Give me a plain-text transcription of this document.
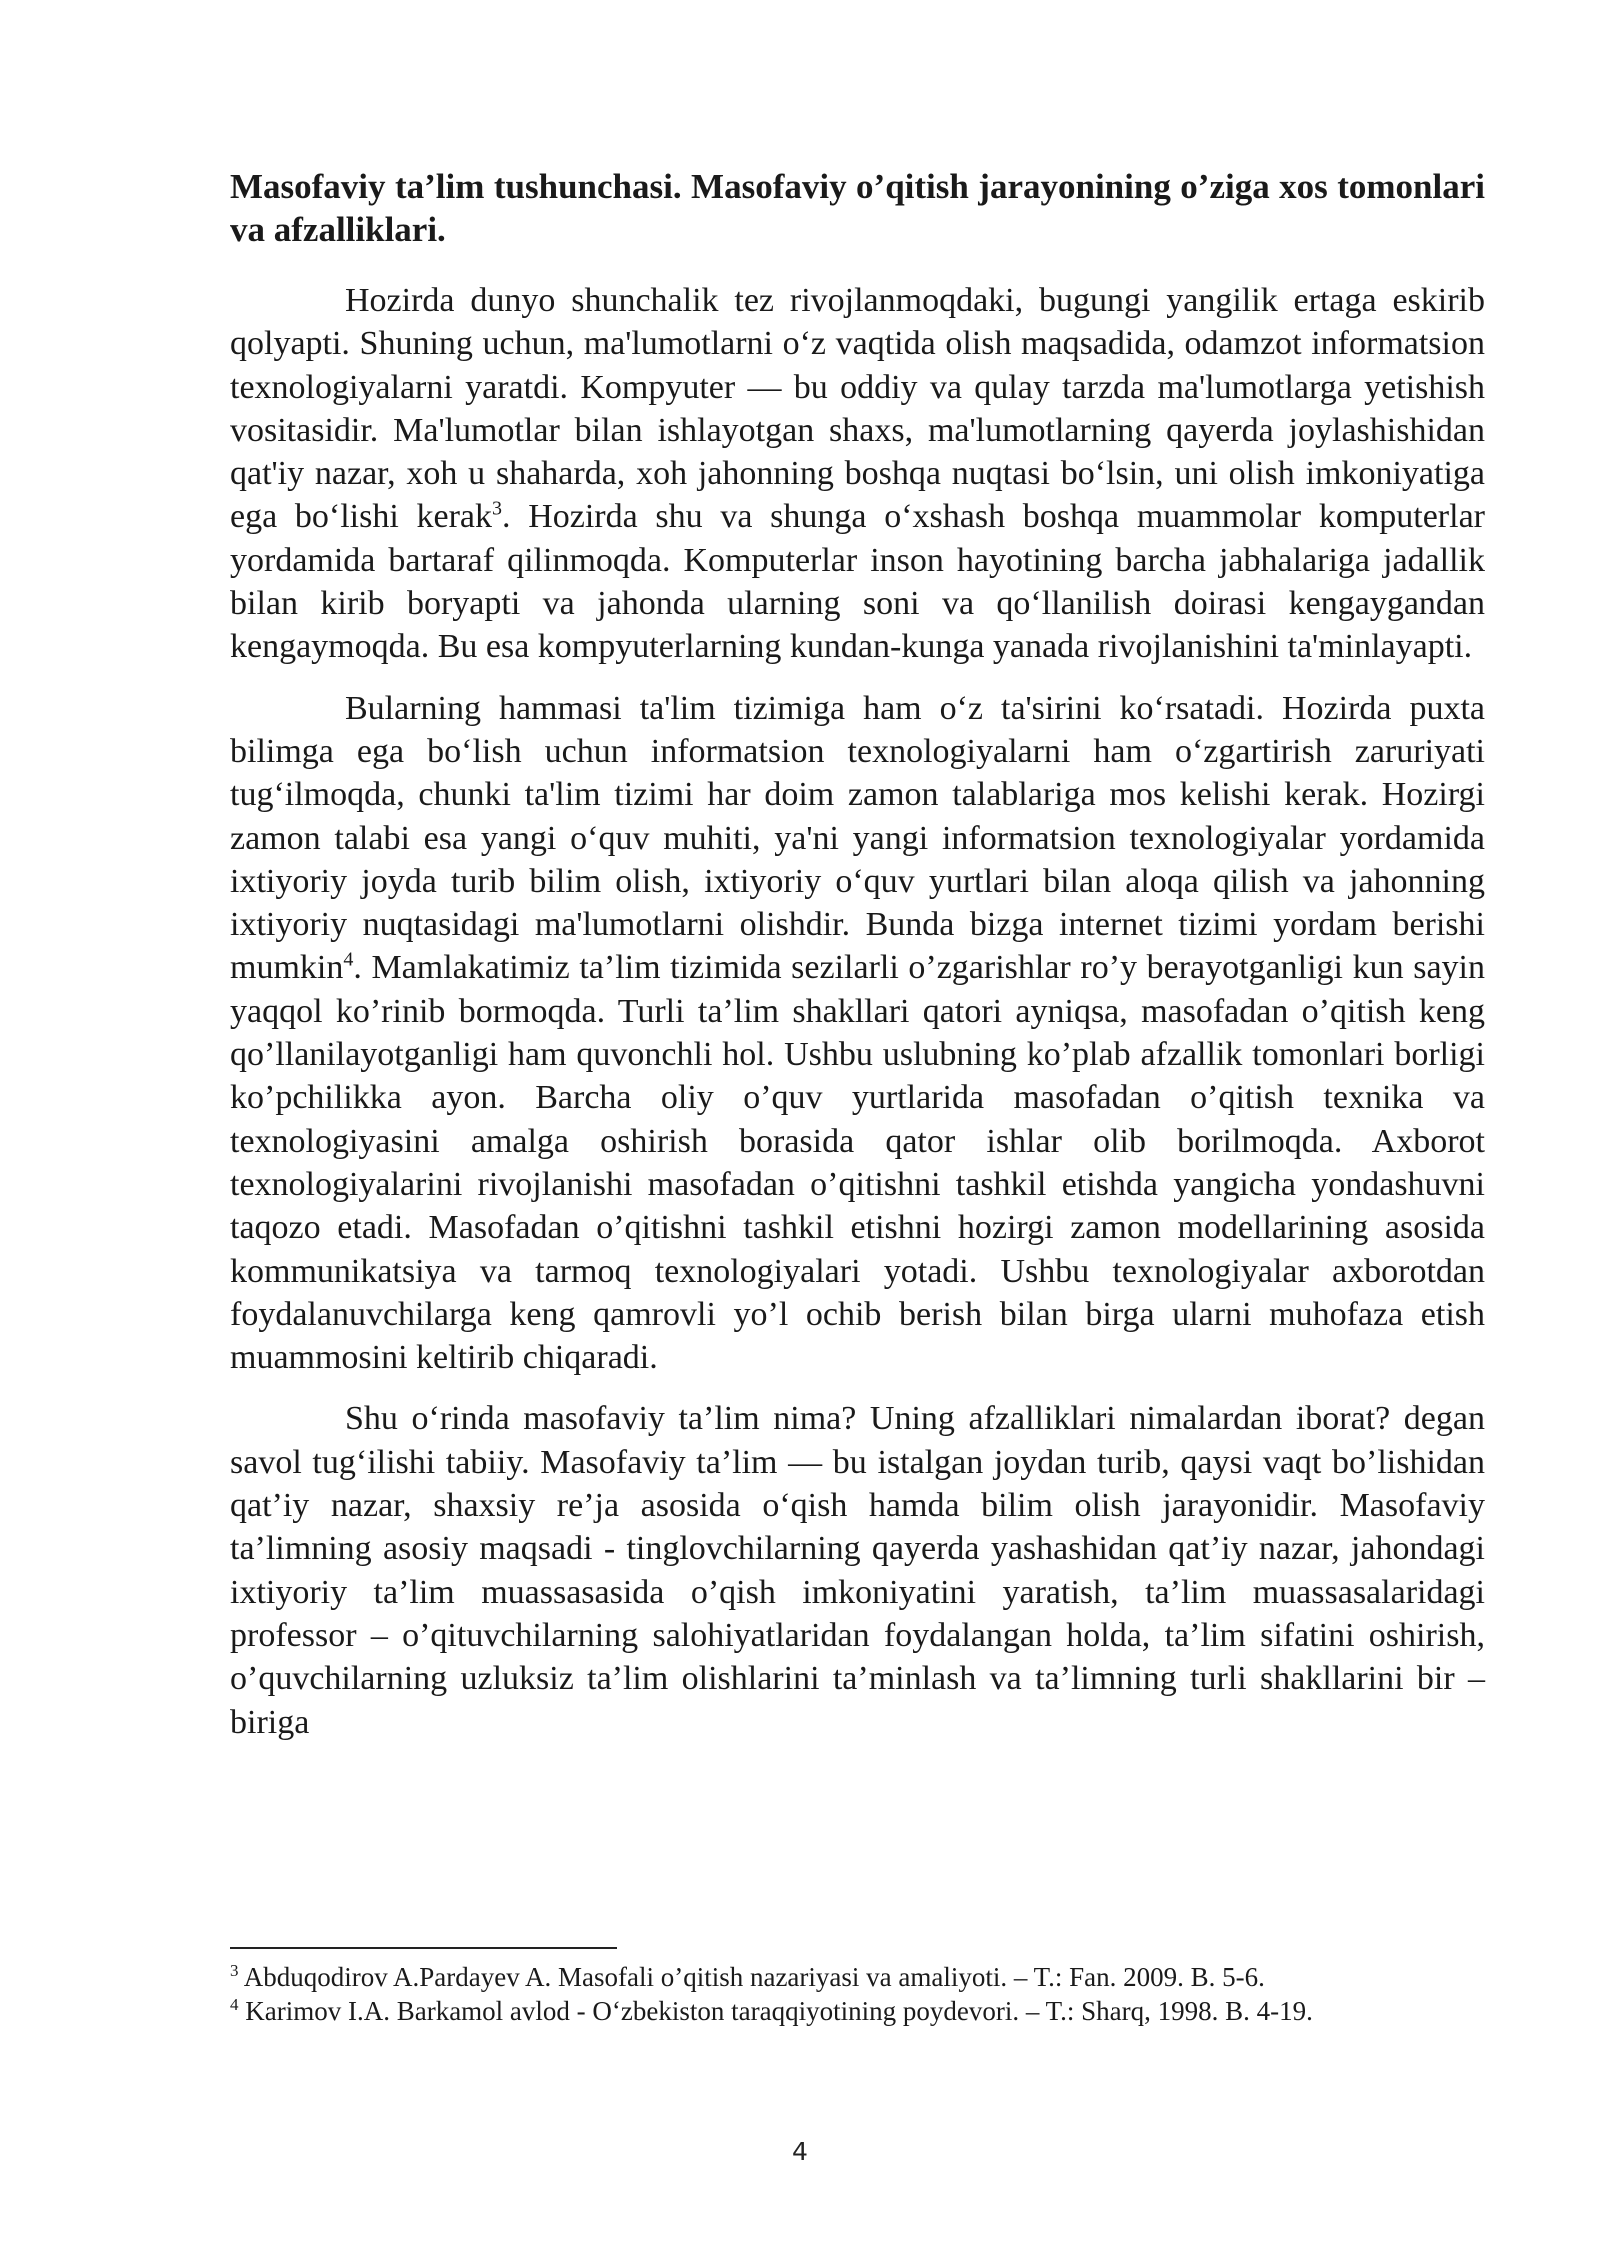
Masofaviy ta’lim tushunchasi. Masofaviy o’qitish jarayonining o’ziga xos tomonlari va afzalliklari.

Hozirda dunyo shunchalik tez rivojlanmoqdaki, bugungi yangilik ertaga eskirib qolyapti. Shuning uchun, ma'lumotlarni o‘z vaqtida olish maqsadida, odamzot informatsion texnologiyalarni yaratdi. Kompyuter — bu oddiy va qulay tarzda ma'lumotlarga yetishish vositasidir. Ma'lumotlar bilan ishlayotgan shaxs, ma'lumotlarning qayerda joylashishidan qat'iy nazar, xoh u shaharda, xoh jahonning boshqa nuqtasi bo‘lsin, uni olish imkoniyatiga ega bo‘lishi kerak$^3$. Hozirda shu va shunga o‘xshash boshqa muammolar komputerlar yordamida bartaraf qilinmoqda. Komputerlar inson hayotining barcha jabhalariga jadallik bilan kirib boryapti va jahonda ularning soni va qo‘llanilish doirasi kengaygandan kengaymoqda. Bu esa kompyuterlarning kundan-kunga yanada rivojlanishini ta'minlayapti.

Bularning hammasi ta'lim tizimiga ham o‘z ta'sirini ko‘rsatadi. Hozirda puxta bilimga ega bo‘lish uchun informatsion texnologiyalarni ham o‘zgartirish zaruriyati tug‘ilmoqda, chunki ta'lim tizimi har doim zamon talablariga mos kelishi kerak. Hozirgi zamon talabi esa yangi o‘quv muhiti, ya'ni yangi informatsion texnologiyalar yordamida ixtiyoriy joyda turib bilim olish, ixtiyoriy o‘quv yurtlari bilan aloqa qilish va jahonning ixtiyoriy nuqtasidagi ma'lumotlarni olishdir. Bunda bizga internet tizimi yordam berishi mumkin$^4$. Mamlakatimiz ta’lim tizimida sezilarli o’zgarishlar ro’y berayotganligi kun sayin yaqqol ko’rinib bormoqda. Turli ta’lim shakllari qatori ayniqsa, masofadan o’qitish keng qo’llanilayotganligi ham quvonchli hol. Ushbu uslubning ko’plab afzallik tomonlari borligi ko’pchilikka ayon. Barcha oliy o’quv yurtlarida masofadan o’qitish texnika va texnologiyasini amalga oshirish borasida qator ishlar olib borilmoqda. Axborot texnologiyalarini rivojlanishi masofadan o’qitishni tashkil etishda yangicha yondashuvni taqozo etadi. Masofadan o’qitishni tashkil etishni hozirgi zamon modellarining asosida kommunikatsiya va tarmoq texnologiyalari yotadi. Ushbu texnologiyalar axborotdan foydalanuvchilarga keng qamrovli yo’l ochib berish bilan birga ularni muhofaza etish muammosini keltirib chiqaradi.

Shu o‘rinda masofaviy ta’lim nima? Uning afzalliklari nimalardan iborat? degan savol tug‘ilishi tabiiy. Masofaviy ta’lim — bu istalgan joydan turib, qaysi vaqt bo’lishidan qat’iy nazar, shaxsiy re’ja asosida o‘qish hamda bilim olish jarayonidir. Masofaviy ta’limning asosiy maqsadi - tinglovchilarning qayerda yashashidan qat’iy nazar, jahondagi ixtiyoriy ta’lim muassasasida o’qish imkoniyatini yaratish, ta’lim muassasalaridagi professor – o’qituvchilarning salohiyatlaridan foydalangan holda, ta’lim sifatini oshirish, o’quvchilarning uzluksiz ta’lim olishlarini ta’minlash va ta’limning turli shakllarini bir – biriga

$^3$ Abduqodirov A.Pardayev A. Masofali o’qitish nazariyasi va amaliyoti. – T.: Fan. 2009. B. 5-6.

$^4$ Karimov I.A. Barkamol avlod - O‘zbekiston taraqqiyotining poydevori. – T.: Sharq, 1998. B. 4-19.

4
